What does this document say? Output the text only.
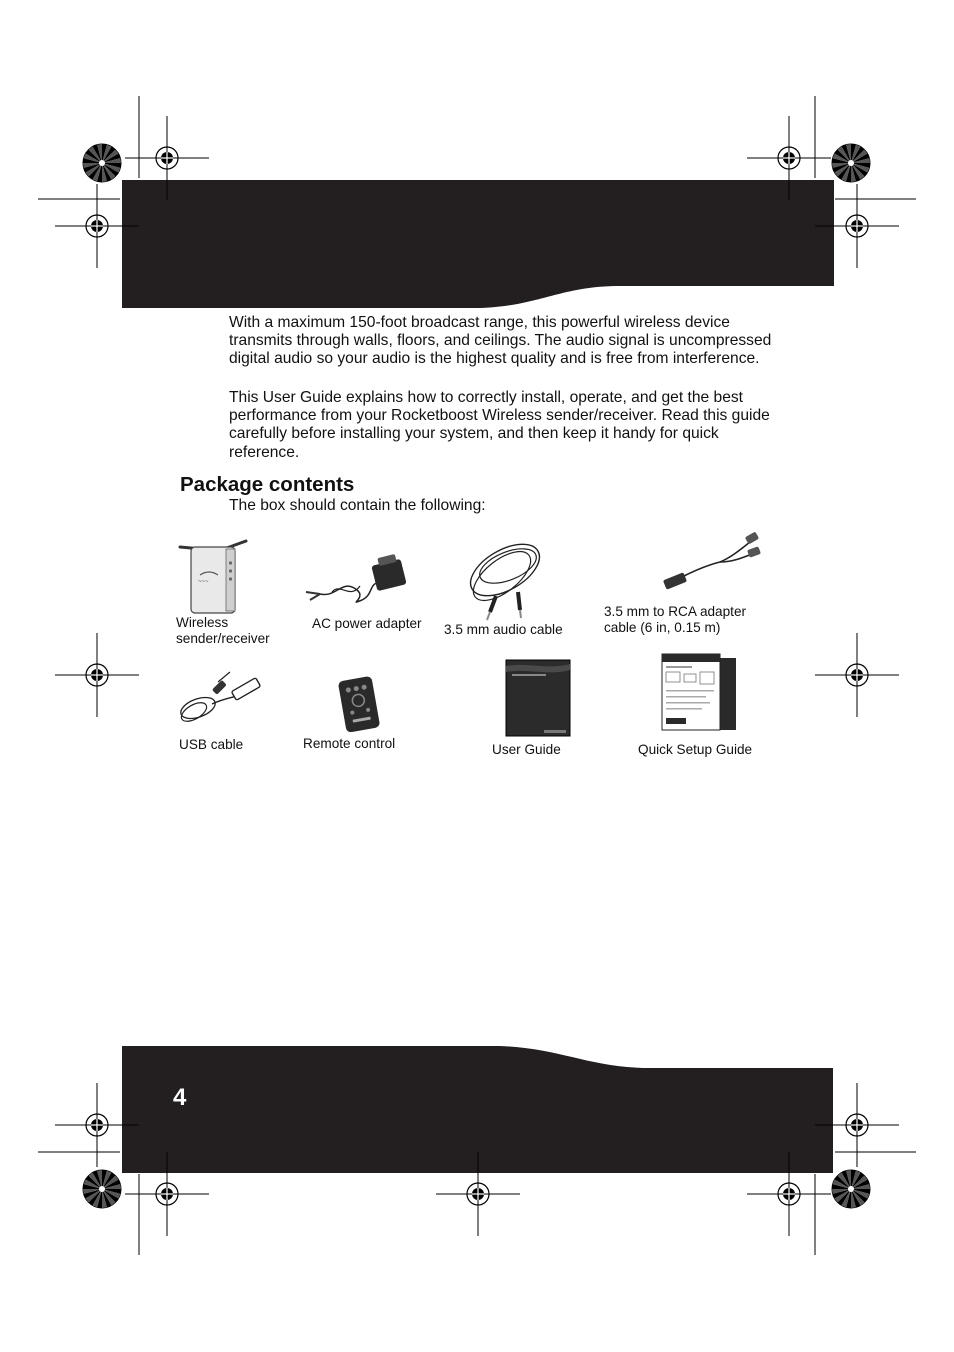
With a maximum 150-foot broadcast range, this powerful wireless device transmits through walls, floors, and ceilings. The audio signal is uncompressed digital audio so your audio is the highest quality and is free from interference.

This User Guide explains how to correctly install, operate, and get the best performance from your Rocketboost Wireless sender/receiver. Read this guide carefully before installing your system, and then keep it handy for quick reference.

Package contents

The box should contain the following:

~~~
Wireless
sender/receiver
AC power adapter 3.5 mm audio cable
3.5 mm to RCA adapter
cable (6 in, 0.15 m)
USB cable	Remote control	User Guide	Quick Setup Guide
4
